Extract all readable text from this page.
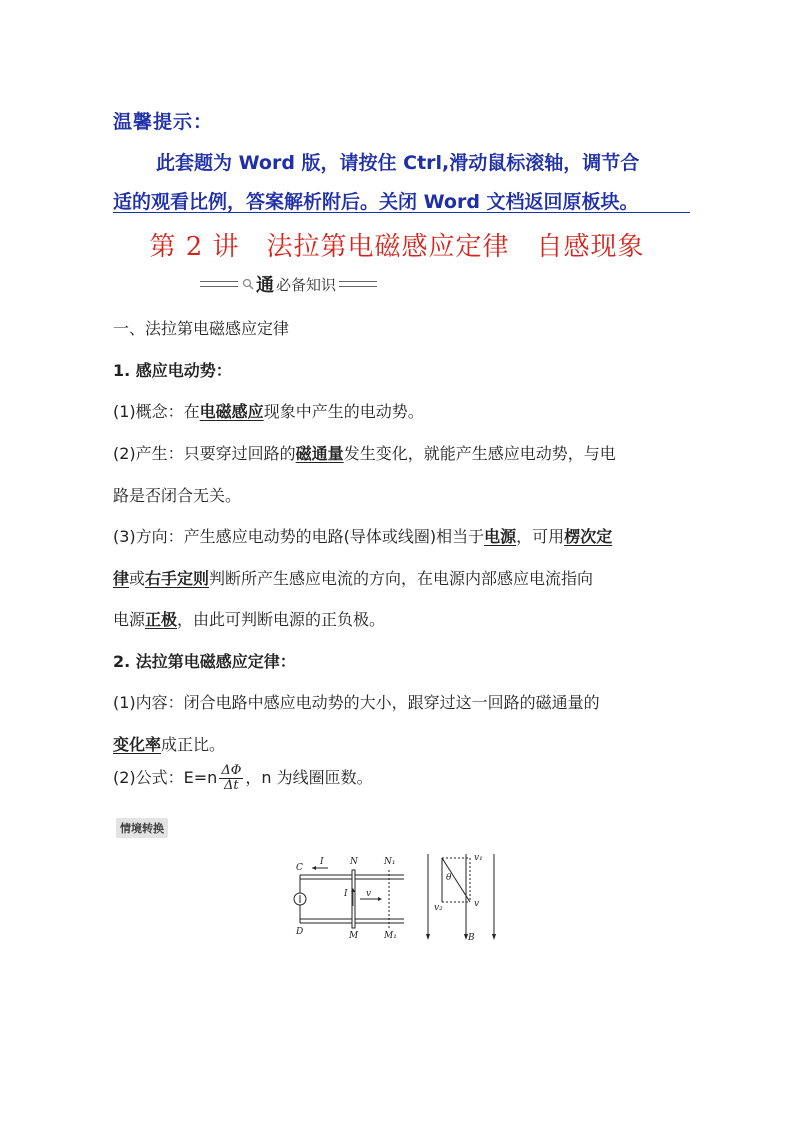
温馨提示：
此套题为 Word 版，请按住 Ctrl,滑动鼠标滚轴，调节合
适的观看比例，答案解析附后。关闭 Word 文档返回原板块。
第 2 讲　法拉第电磁感应定律　自感现象
通 必备知识
一、法拉第电磁感应定律
1. 感应电动势：
(1)概念：在电磁感应现象中产生的电动势。
(2)产生：只要穿过回路的磁通量发生变化，就能产生感应电动势，与电
路是否闭合无关。
(3)方向：产生感应电动势的电路(导体或线圈)相当于电源，可用楞次定
律或右手定则判断所产生感应电流的方向，在电源内部感应电流指向
电源正极，由此可判断电源的正负极。
2. 法拉第电磁感应定律：
(1)内容：闭合电路中感应电动势的大小，跟穿过这一回路的磁通量的
变化率成正比。
(2)公式：$E=n \frac{\Delta\Phi}{\Delta t}$ ，n 为线圈匝数。
情境转换
C
I	N	N₁
I v
D	M	M₁
v₁
θ
v₂	v
B
